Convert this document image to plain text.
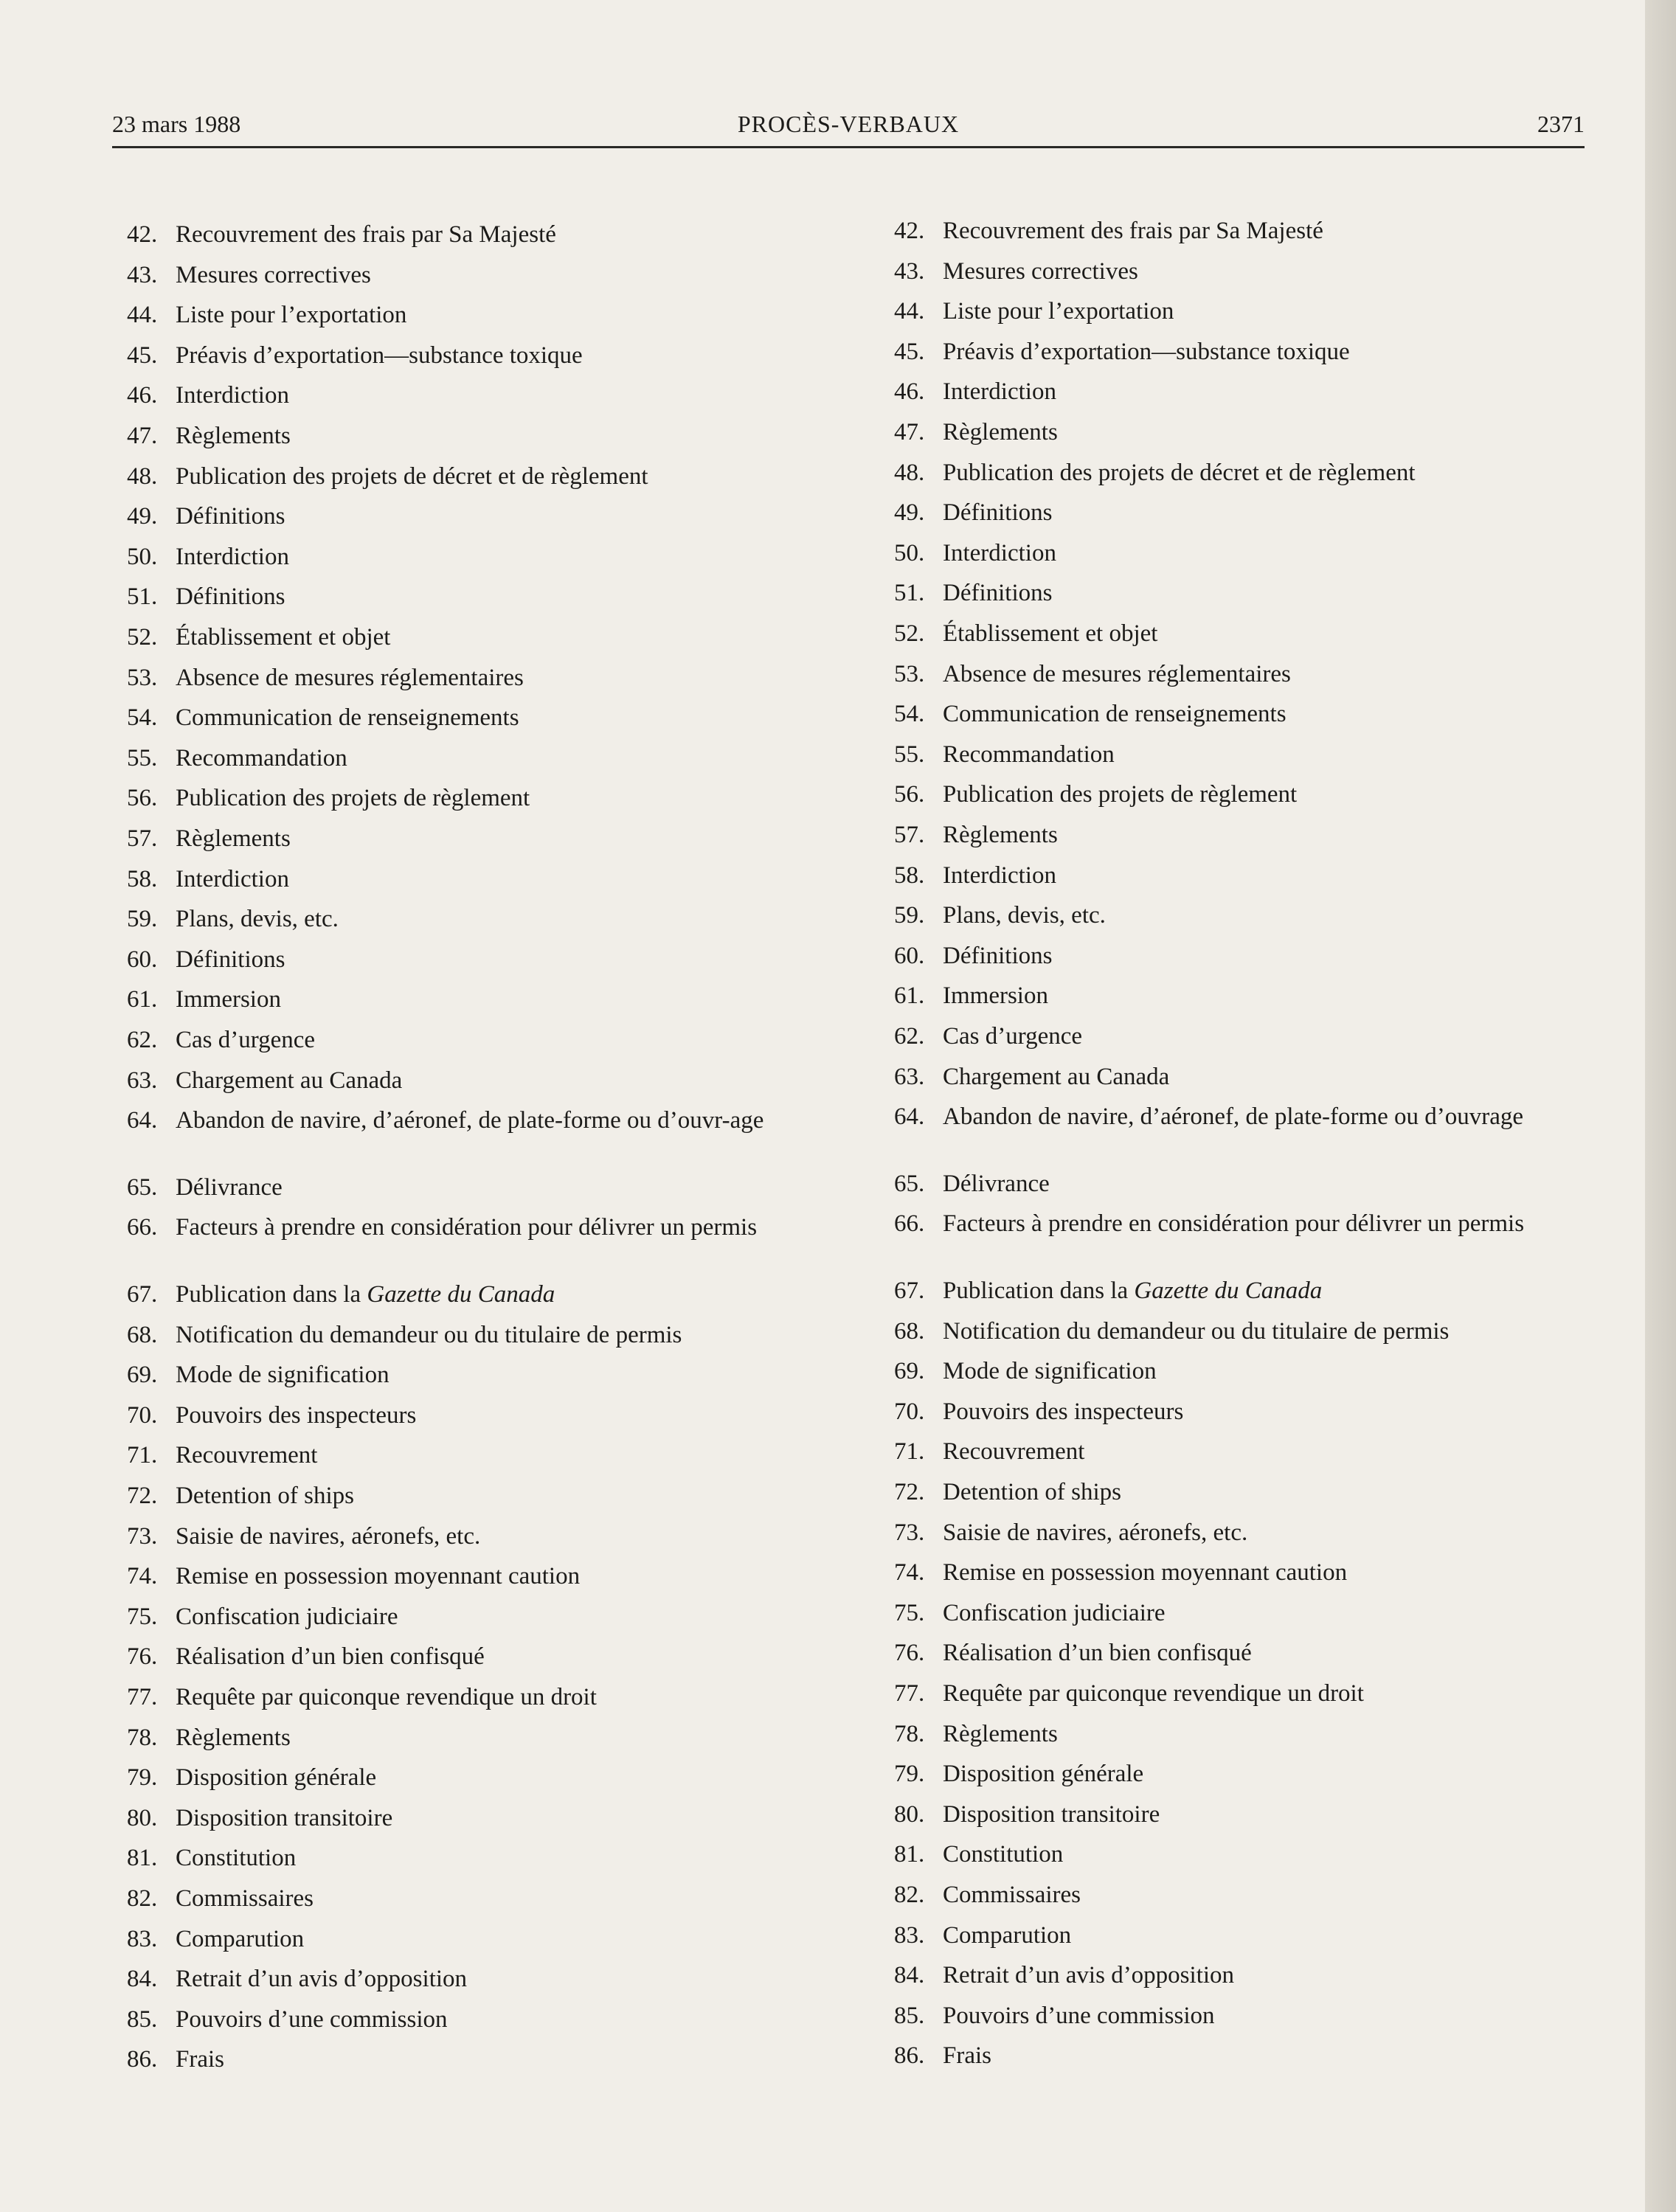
23 mars 1988	PROCÈS-VERBAUX	2371
42. Recouvrement des frais par Sa Majesté
43. Mesures correctives
44. Liste pour l’exportation
45. Préavis d’exportation—substance toxique
46. Interdiction
47. Règlements
48. Publication des projets de décret et de règlement
49. Définitions
50. Interdiction
51. Définitions
52. Établissement et objet
53. Absence de mesures réglementaires
54. Communication de renseignements
55. Recommandation
56. Publication des projets de règlement
57. Règlements
58. Interdiction
59. Plans, devis, etc.
60. Définitions
61. Immersion
62. Cas d’urgence
63. Chargement au Canada
64. Abandon de navire, d’aéronef, de plate-forme ou d’ouvr-age
65. Délivrance
66. Facteurs à prendre en considération pour délivrer un permis
67. Publication dans la Gazette du Canada
68. Notification du demandeur ou du titulaire de permis
69. Mode de signification
70. Pouvoirs des inspecteurs
71. Recouvrement
72. Detention of ships
73. Saisie de navires, aéronefs, etc.
74. Remise en possession moyennant caution
75. Confiscation judiciaire
76. Réalisation d’un bien confisqué
77. Requête par quiconque revendique un droit
78. Règlements
79. Disposition générale
80. Disposition transitoire
81. Constitution
82. Commissaires
83. Comparution
84. Retrait d’un avis d’opposition
85. Pouvoirs d’une commission
86. Frais
42. Recouvrement des frais par Sa Majesté
43. Mesures correctives
44. Liste pour l’exportation
45. Préavis d’exportation—substance toxique
46. Interdiction
47. Règlements
48. Publication des projets de décret et de règlement
49. Définitions
50. Interdiction
51. Définitions
52. Établissement et objet
53. Absence de mesures réglementaires
54. Communication de renseignements
55. Recommandation
56. Publication des projets de règlement
57. Règlements
58. Interdiction
59. Plans, devis, etc.
60. Définitions
61. Immersion
62. Cas d’urgence
63. Chargement au Canada
64. Abandon de navire, d’aéronef, de plate-forme ou d’ouvrage
65. Délivrance
66. Facteurs à prendre en considération pour délivrer un permis
67. Publication dans la Gazette du Canada
68. Notification du demandeur ou du titulaire de permis
69. Mode de signification
70. Pouvoirs des inspecteurs
71. Recouvrement
72. Detention of ships
73. Saisie de navires, aéronefs, etc.
74. Remise en possession moyennant caution
75. Confiscation judiciaire
76. Réalisation d’un bien confisqué
77. Requête par quiconque revendique un droit
78. Règlements
79. Disposition générale
80. Disposition transitoire
81. Constitution
82. Commissaires
83. Comparution
84. Retrait d’un avis d’opposition
85. Pouvoirs d’une commission
86. Frais
